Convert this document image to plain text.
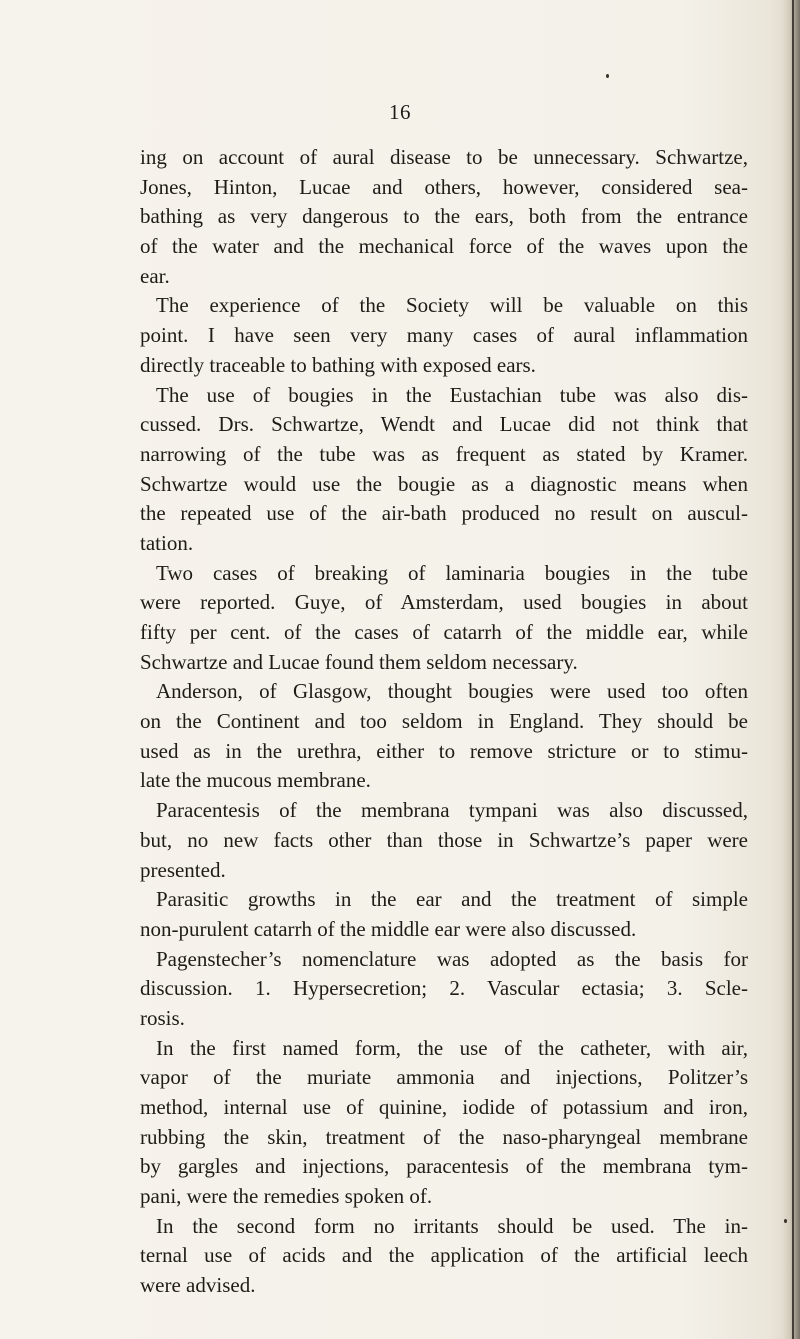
16
ing on account of aural disease to be unnecessary. Schwartze,
Jones, Hinton, Lucae and others, however, considered sea-
bathing as very dangerous to the ears, both from the entrance
of the water and the mechanical force of the waves upon the
ear.
The experience of the Society will be valuable on this
point. I have seen very many cases of aural inflammation
directly traceable to bathing with exposed ears.
The use of bougies in the Eustachian tube was also dis-
cussed. Drs. Schwartze, Wendt and Lucae did not think that
narrowing of the tube was as frequent as stated by Kramer.
Schwartze would use the bougie as a diagnostic means when
the repeated use of the air-bath produced no result on auscul-
tation.
Two cases of breaking of laminaria bougies in the tube
were reported. Guye, of Amsterdam, used bougies in about
fifty per cent. of the cases of catarrh of the middle ear, while
Schwartze and Lucae found them seldom necessary.
Anderson, of Glasgow, thought bougies were used too often
on the Continent and too seldom in England. They should be
used as in the urethra, either to remove stricture or to stimu-
late the mucous membrane.
Paracentesis of the membrana tympani was also discussed,
but, no new facts other than those in Schwartze’s paper were
presented.
Parasitic growths in the ear and the treatment of simple
non-purulent catarrh of the middle ear were also discussed.
Pagenstecher’s nomenclature was adopted as the basis for
discussion. 1. Hypersecretion; 2. Vascular ectasia; 3. Scle-
rosis.
In the first named form, the use of the catheter, with air,
vapor of the muriate ammonia and injections, Politzer’s
method, internal use of quinine, iodide of potassium and iron,
rubbing the skin, treatment of the naso-pharyngeal membrane
by gargles and injections, paracentesis of the membrana tym-
pani, were the remedies spoken of.
In the second form no irritants should be used. The in-
ternal use of acids and the application of the artificial leech
were advised.
